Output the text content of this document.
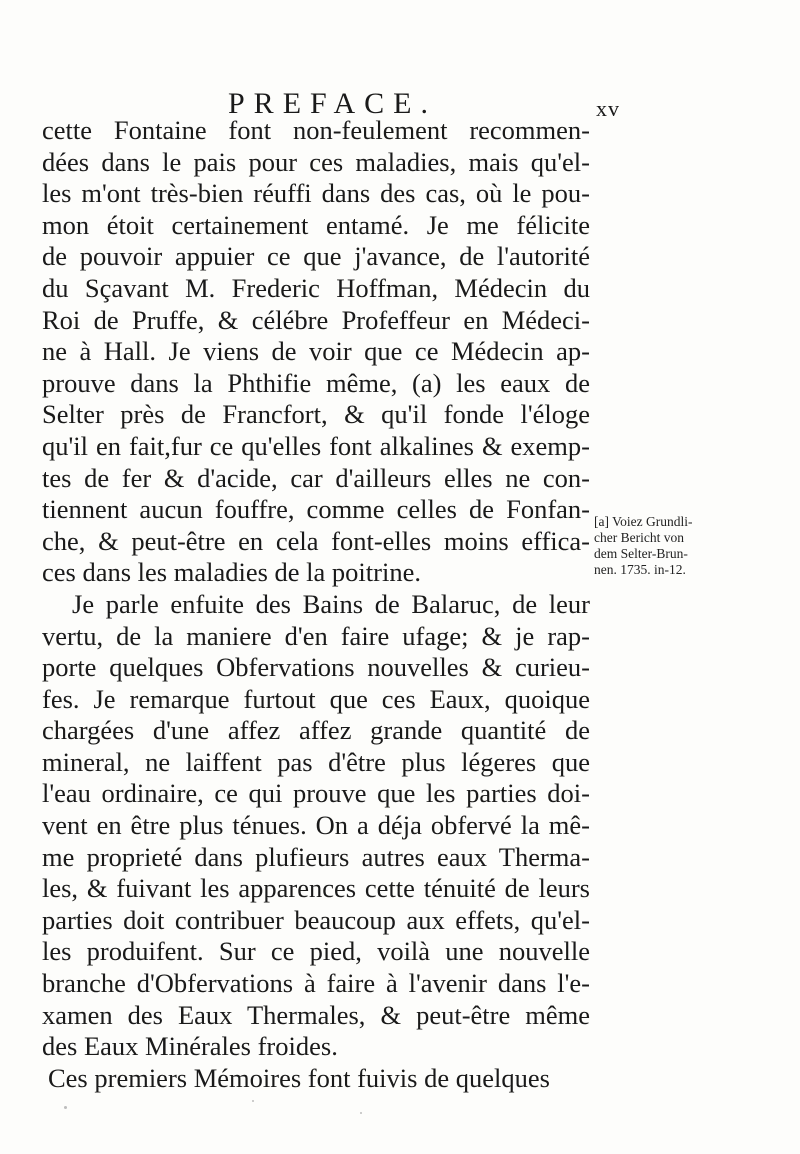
PREFACE.	xv
cette Fontaine font non-feulement recommen-
dées dans le pais pour ces maladies, mais qu'el-
les m'ont très-bien réuffi dans des cas, où le pou-
mon étoit certainement entamé. Je me félicite
de pouvoir appuier ce que j'avance, de l'autorité
du Sçavant M. Frederic Hoffman, Médecin du
Roi de Pruffe, & célébre Profeffeur en Médeci-
ne à Hall. Je viens de voir que ce Médecin ap-
prouve dans la Phthifie même, (a) les eaux de
Selter près de Francfort, & qu'il fonde l'éloge
qu'il en fait,fur ce qu'elles font alkalines & exemp-
tes de fer & d'acide, car d'ailleurs elles ne con-
tiennent aucun fouffre, comme celles de Fonfan-
che, & peut-être en cela font-elles moins effica-
ces dans les maladies de la poitrine.
Je parle enfuite des Bains de Balaruc, de leur
vertu, de la maniere d'en faire ufage; & je rap-
porte quelques Obfervations nouvelles & curieu-
fes. Je remarque furtout que ces Eaux, quoique
chargées d'une affez affez grande quantité de
mineral, ne laiffent pas d'être plus légeres que
l'eau ordinaire, ce qui prouve que les parties doi-
vent en être plus ténues. On a déja obfervé la mê-
me proprieté dans plufieurs autres eaux Therma-
les, & fuivant les apparences cette ténuité de leurs
parties doit contribuer beaucoup aux effets, qu'el-
les produifent. Sur ce pied, voilà une nouvelle
branche d'Obfervations à faire à l'avenir dans l'e-
xamen des Eaux Thermales, & peut-être même
des Eaux Minérales froides.
Ces premiers Mémoires font fuivis de quelques
[a] Voiez Grundli-
cher Bericht von
dem Selter-Brun-
nen. 1735. in-12.
